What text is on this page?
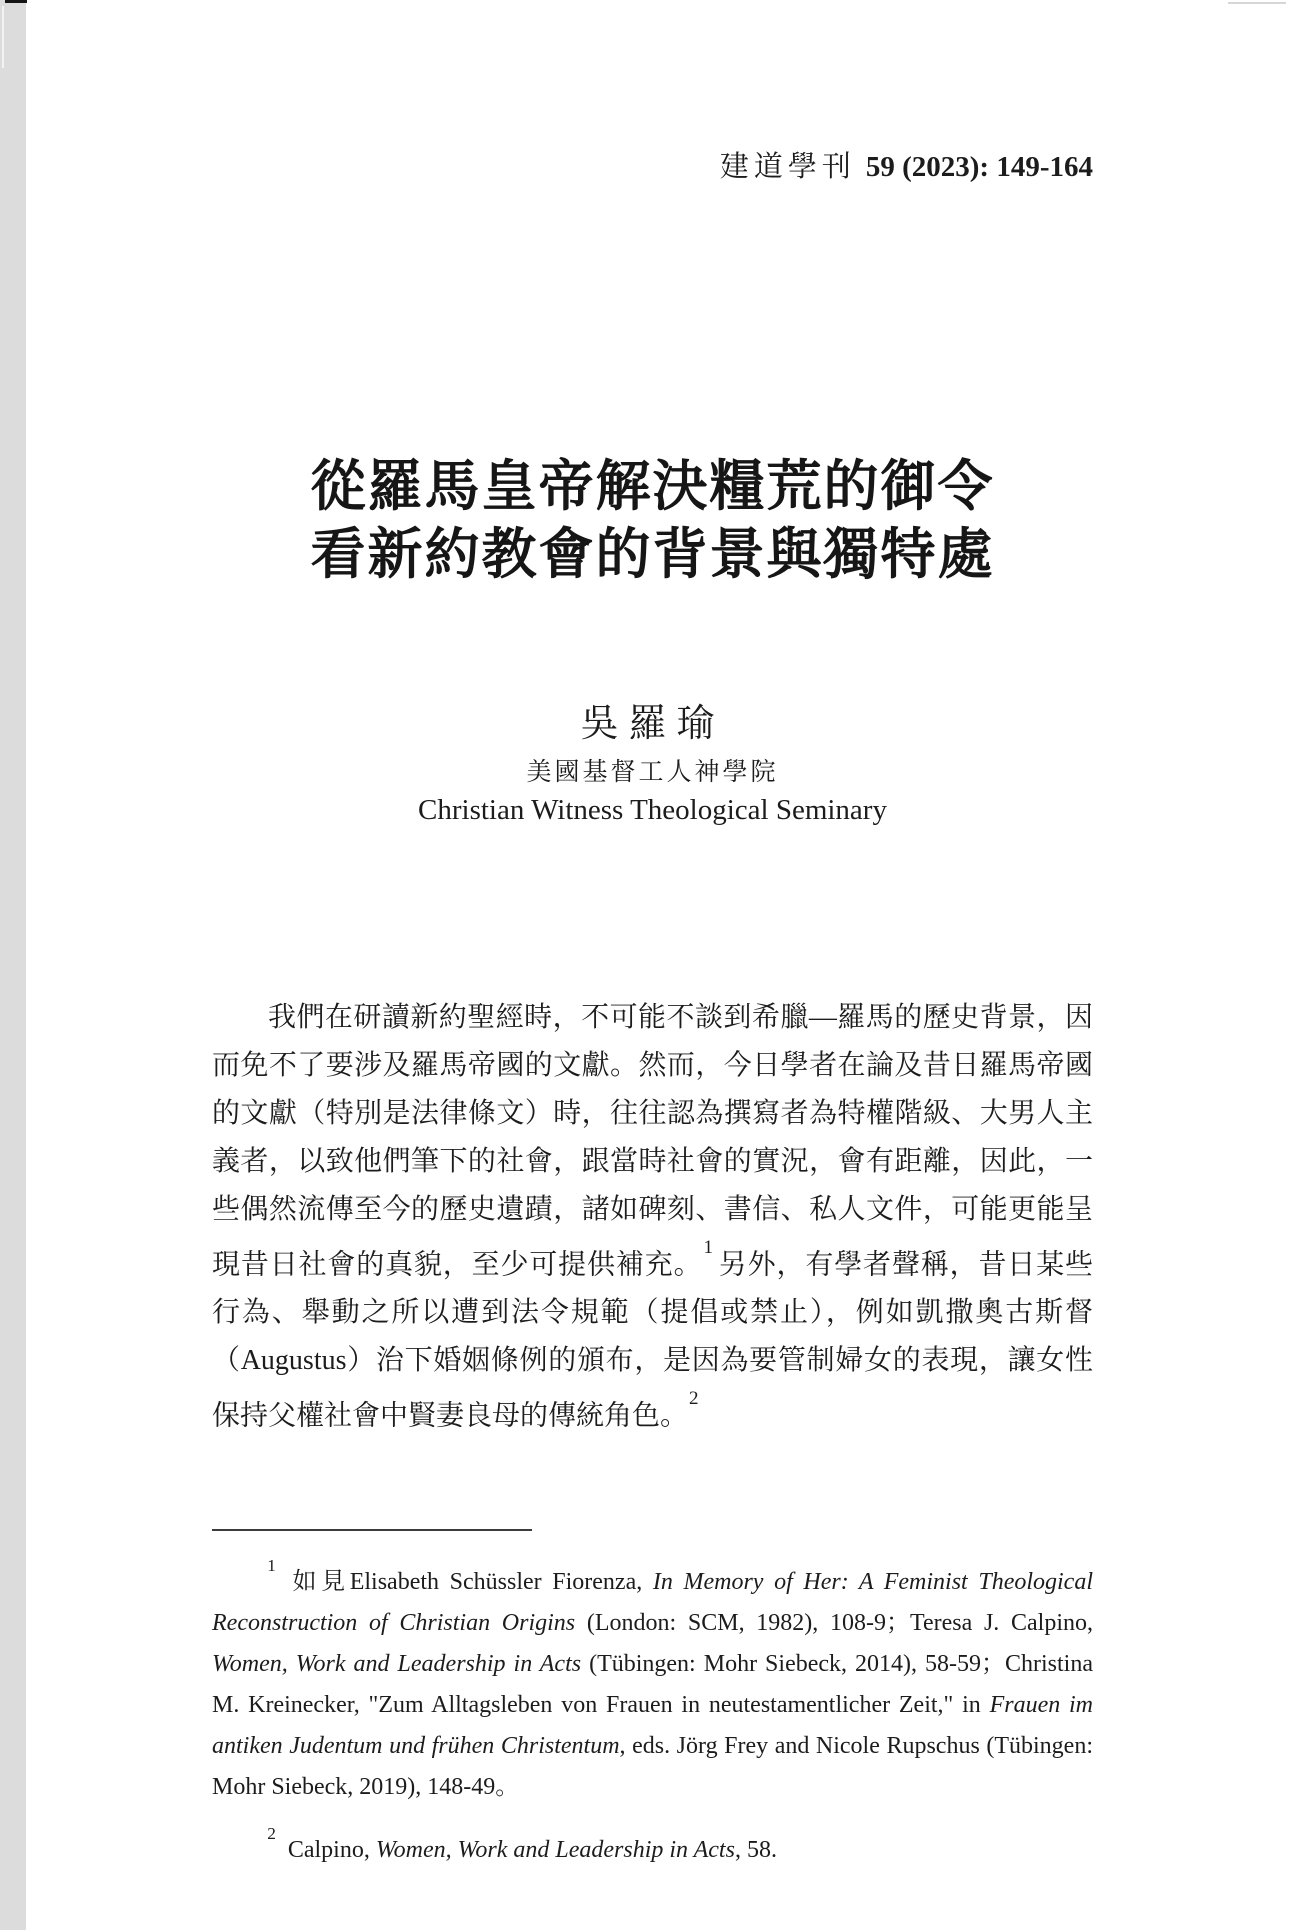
建道學刊 59 (2023): 149-164
從羅馬皇帝解決糧荒的御令
看新約教會的背景與獨特處
吳羅瑜
美國基督工人神學院
Christian Witness Theological Seminary

我們在研讀新約聖經時，不可能不談到希臘—羅馬的歷史背景，因而免不了要涉及羅馬帝國的文獻。然而，今日學者在論及昔日羅馬帝國的文獻（特別是法律條文）時，往往認為撰寫者為特權階級、大男人主義者，以致他們筆下的社會，跟當時社會的實況，會有距離，因此，一些偶然流傳至今的歷史遺蹟，諸如碑刻、書信、私人文件，可能更能呈現昔日社會的真貌，至少可提供補充。$^1$另外，有學者聲稱，昔日某些行為、舉動之所以遭到法令規範（提倡或禁止），例如凱撒奧古斯督（Augustus）治下婚姻條例的頒布，是因為要管制婦女的表現，讓女性保持父權社會中賢妻良母的傳統角色。$^2$

$^1$如見Elisabeth Schüssler Fiorenza, In Memory of Her: A Feminist Theological Reconstruction of Christian Origins (London: SCM, 1982), 108-9；Teresa J. Calpino, Women, Work and Leadership in Acts (Tübingen: Mohr Siebeck, 2014), 58-59；Christina M. Kreinecker, "Zum Alltagsleben von Frauen in neutestamentlicher Zeit," in Frauen im antiken Judentum und frühen Christentum, eds. Jörg Frey and Nicole Rupschus (Tübingen: Mohr Siebeck, 2019), 148-49。

$^2$Calpino, Women, Work and Leadership in Acts, 58.
